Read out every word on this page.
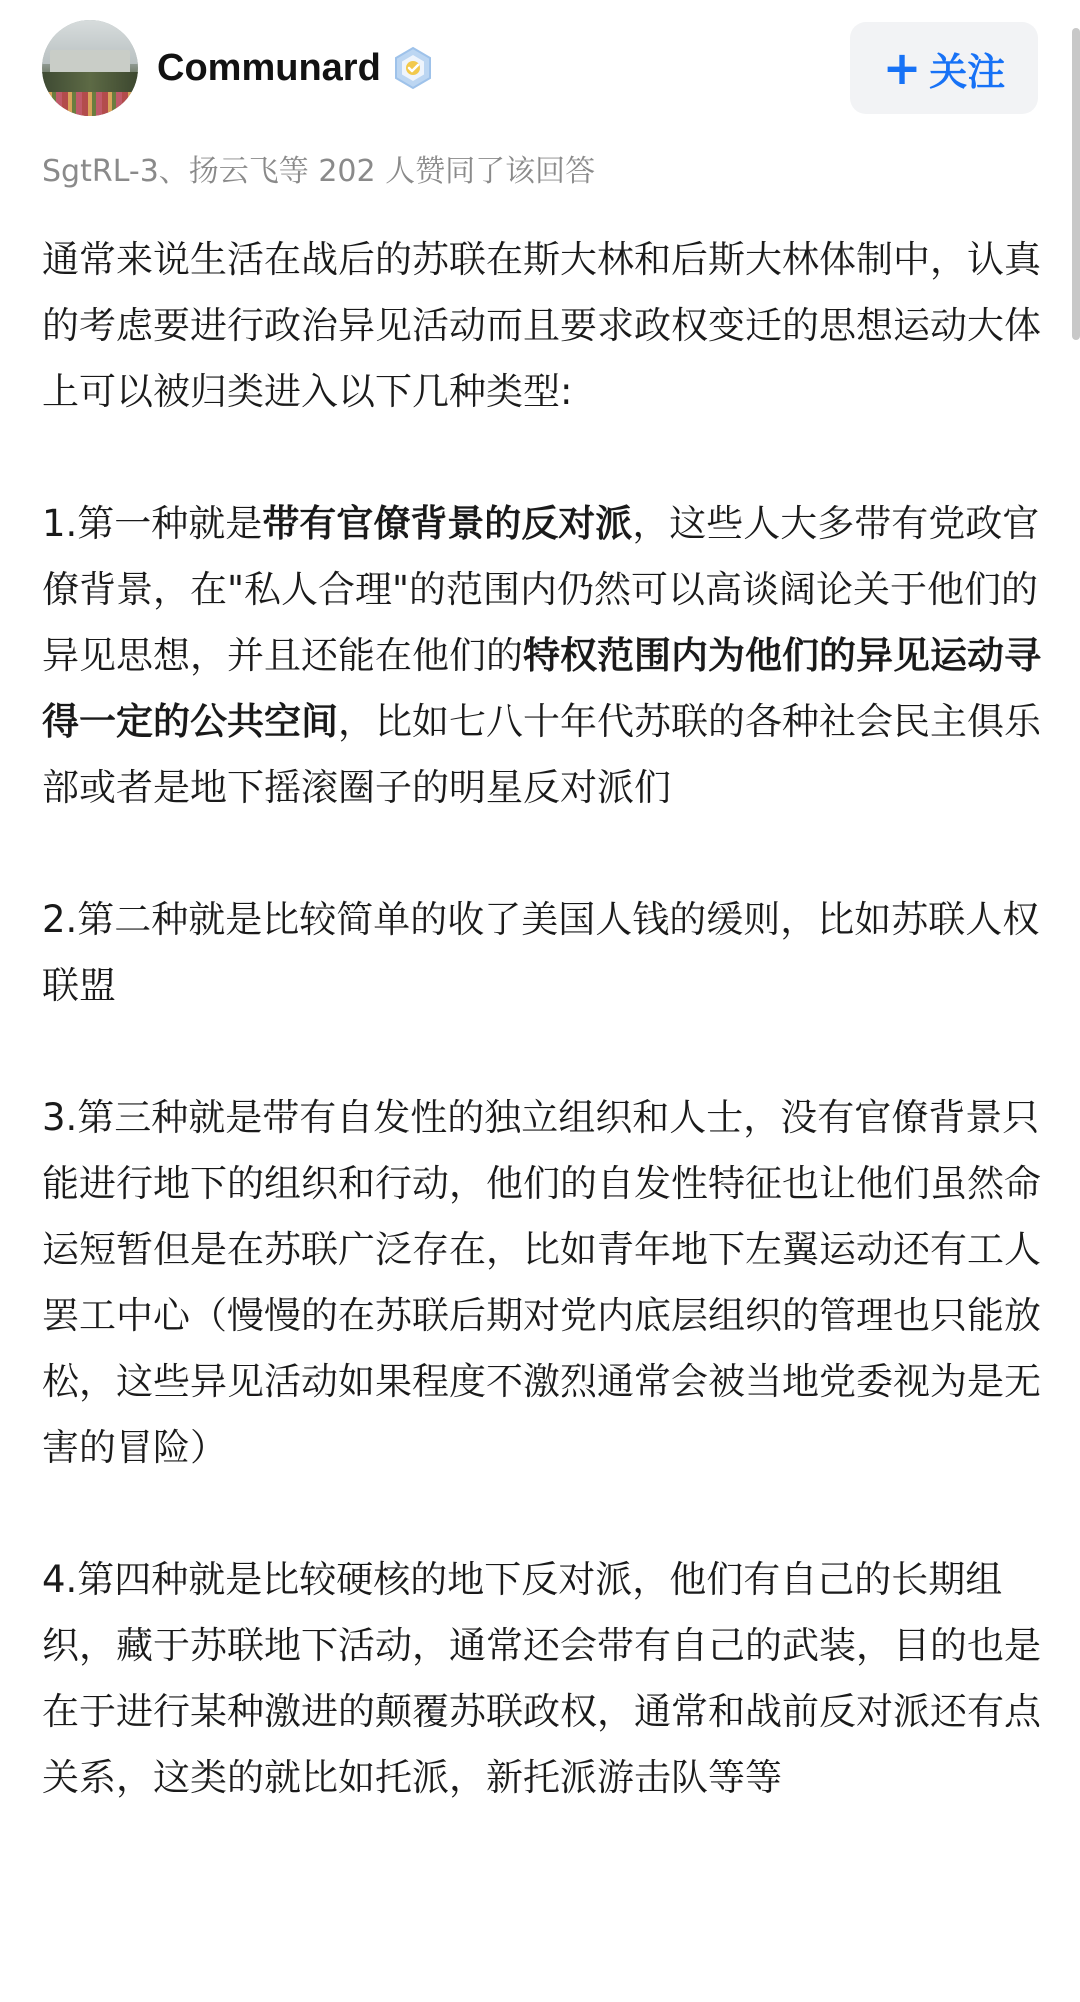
Communard	+ 关注
SgtRL-3、扬云飞等 202 人赞同了该回答

通常来说生活在战后的苏联在斯大林和后斯大林体制中，认真的考虑要进行政治异见活动而且要求政权变迁的思想运动大体上可以被归类进入以下几种类型:

1.第一种就是带有官僚背景的反对派，这些人大多带有党政官僚背景，在"私人合理"的范围内仍然可以高谈阔论关于他们的异见思想，并且还能在他们的特权范围内为他们的异见运动寻得一定的公共空间，比如七八十年代苏联的各种社会民主俱乐部或者是地下摇滚圈子的明星反对派们

2.第二种就是比较简单的收了美国人钱的缓则，比如苏联人权联盟

3.第三种就是带有自发性的独立组织和人士，没有官僚背景只能进行地下的组织和行动，他们的自发性特征也让他们虽然命运短暂但是在苏联广泛存在，比如青年地下左翼运动还有工人罢工中心（慢慢的在苏联后期对党内底层组织的管理也只能放松，这些异见活动如果程度不激烈通常会被当地党委视为是无害的冒险）

4.第四种就是比较硬核的地下反对派，他们有自己的长期组织，藏于苏联地下活动，通常还会带有自己的武装，目的也是在于进行某种激进的颠覆苏联政权，通常和战前反对派还有点关系，这类的就比如托派，新托派游击队等等
